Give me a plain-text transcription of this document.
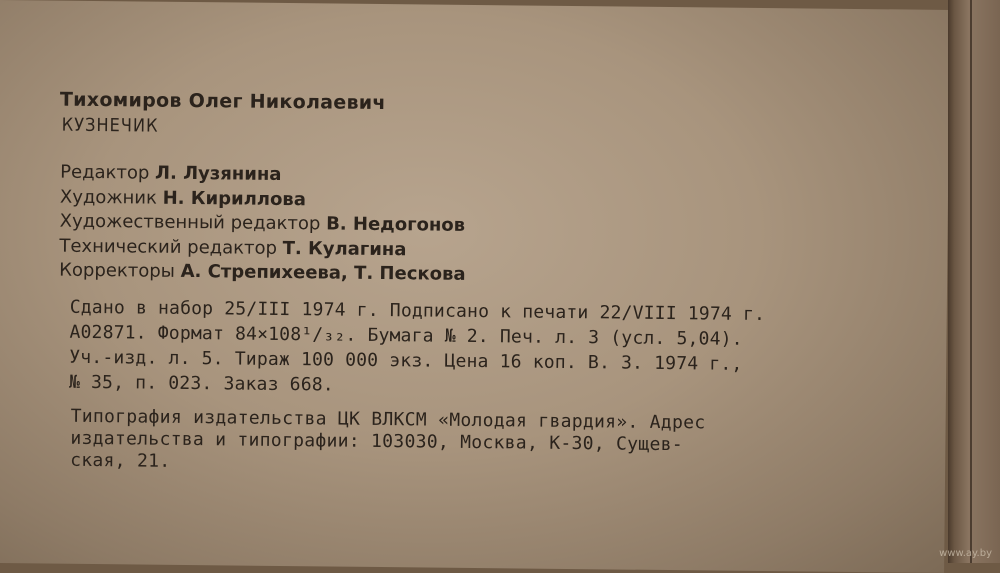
Тихомиров Олег Николаевич
КУЗНЕЧИК
Редактор Л. Лузянина
Художник Н. Кириллова
Художественный редактор В. Недогонов
Технический редактор Т. Кулагина
Корректоры А. Стрепихеева, Т. Пескова
Сдано в набор 25/III 1974 г. Подписано к печати 22/VIII 1974 г.
А02871. Формат 84×108¹/₃₂. Бумага № 2. Печ. л. 3 (усл. 5,04).
Уч.-изд. л. 5. Тираж 100 000 экз. Цена 16 коп. В. 3. 1974 г.,
№ 35, п. 023. Заказ 668.
Типография издательства ЦК ВЛКСМ «Молодая гвардия». Адрес
издательства и типографии: 103030, Москва, К-30, Сущев-
ская, 21.
www.ay.by
